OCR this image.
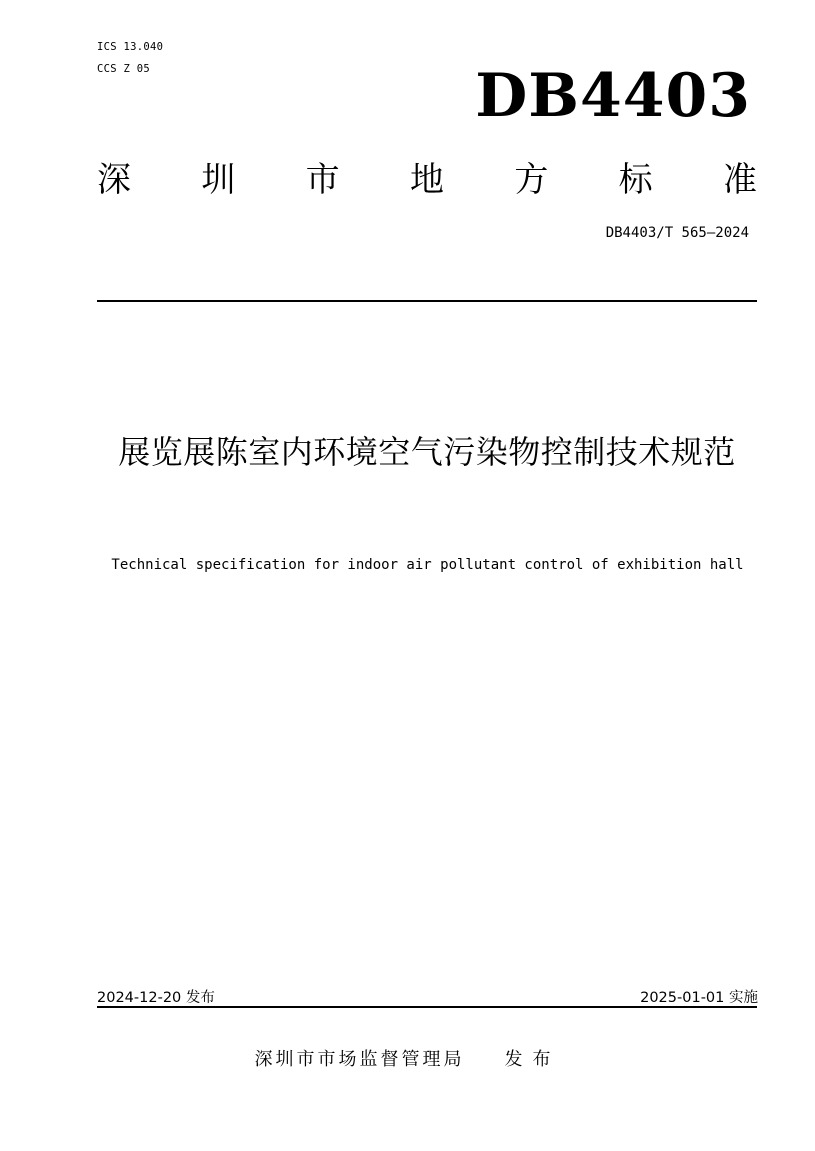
ICS 13.040
CCS Z 05	DB4403
深 圳 市 地 方 标 准
DB4403/T 565—2024
展览展陈室内环境空气污染物控制技术规范
Technical specification for indoor air pollutant control of exhibition hall
2024-12-20 发布	2025-01-01 实施
深圳市市场监督管理局 发布
